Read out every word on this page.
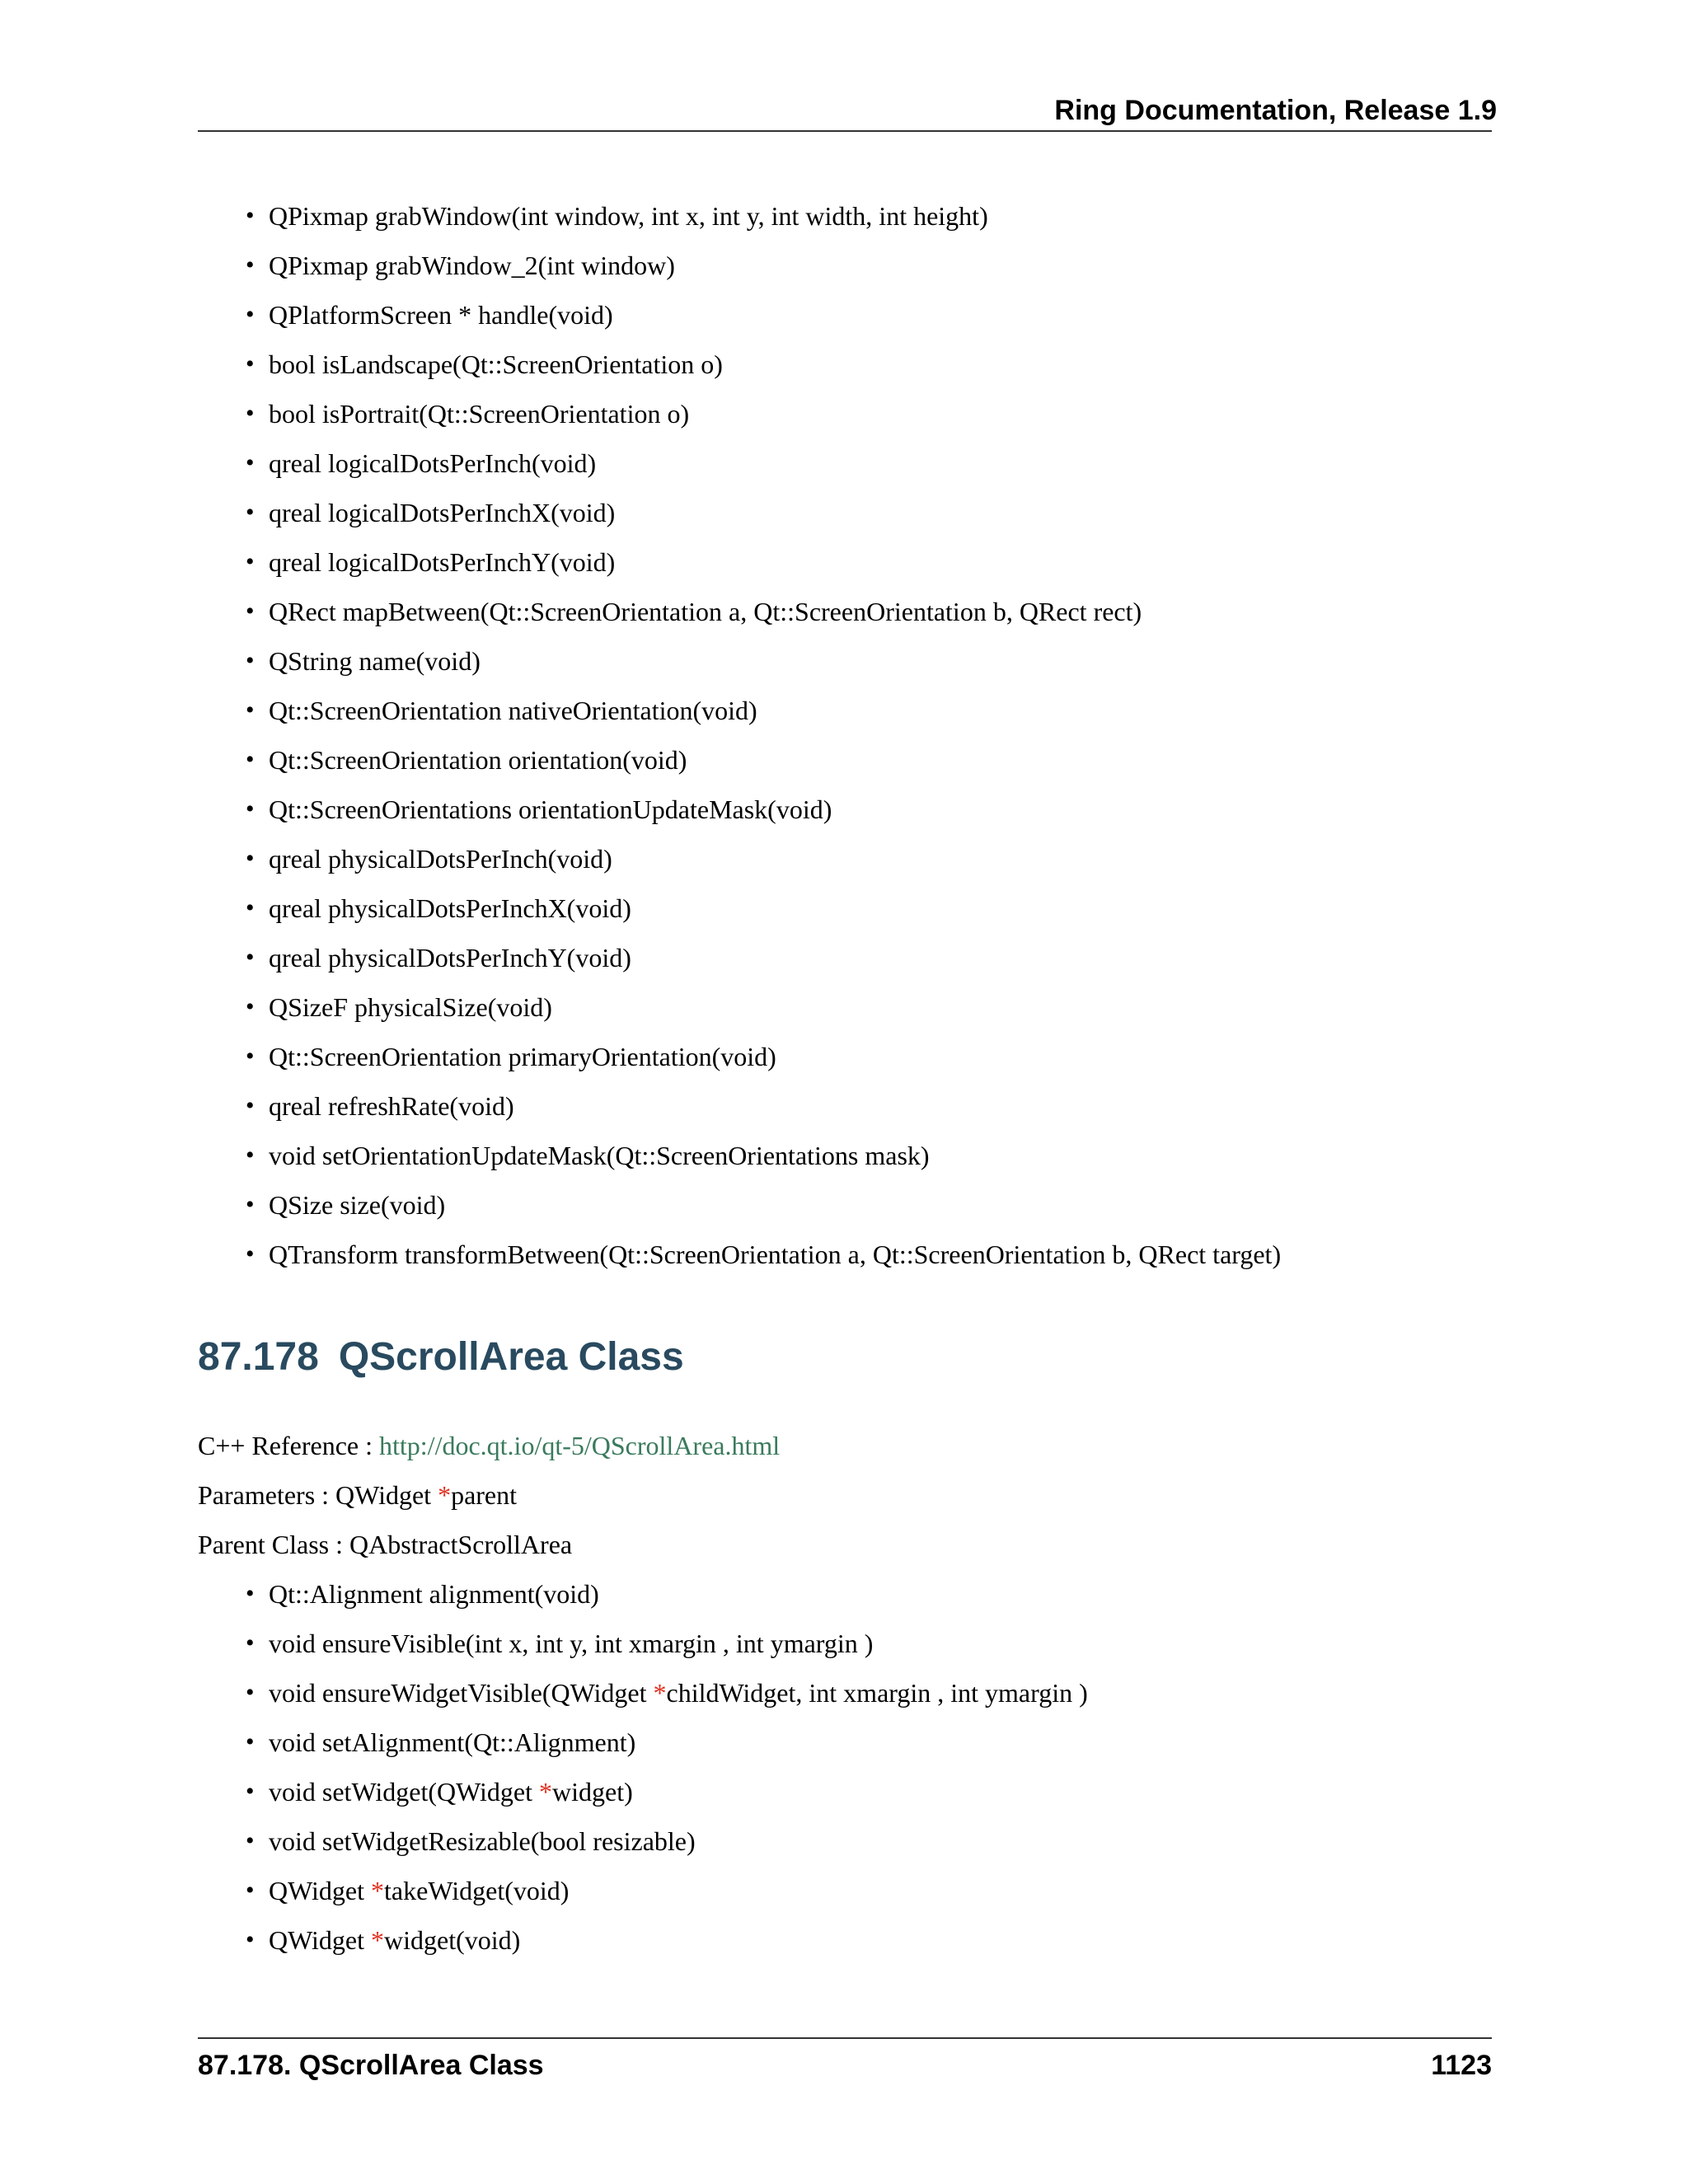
Ring Documentation, Release 1.9
• QPixmap grabWindow(int window, int x, int y, int width, int height)
• QPixmap grabWindow_2(int window)
• QPlatformScreen * handle(void)
• bool isLandscape(Qt::ScreenOrientation o)
• bool isPortrait(Qt::ScreenOrientation o)
• qreal logicalDotsPerInch(void)
• qreal logicalDotsPerInchX(void)
• qreal logicalDotsPerInchY(void)
• QRect mapBetween(Qt::ScreenOrientation a, Qt::ScreenOrientation b, QRect rect)
• QString name(void)
• Qt::ScreenOrientation nativeOrientation(void)
• Qt::ScreenOrientation orientation(void)
• Qt::ScreenOrientations orientationUpdateMask(void)
• qreal physicalDotsPerInch(void)
• qreal physicalDotsPerInchX(void)
• qreal physicalDotsPerInchY(void)
• QSizeF physicalSize(void)
• Qt::ScreenOrientation primaryOrientation(void)
• qreal refreshRate(void)
• void setOrientationUpdateMask(Qt::ScreenOrientations mask)
• QSize size(void)
• QTransform transformBetween(Qt::ScreenOrientation a, Qt::ScreenOrientation b, QRect target)
87.178 QScrollArea Class
C++ Reference : http://doc.qt.io/qt-5/QScrollArea.html
Parameters : QWidget *parent
Parent Class : QAbstractScrollArea
• Qt::Alignment alignment(void)
• void ensureVisible(int x, int y, int xmargin , int ymargin )
• void ensureWidgetVisible(QWidget *childWidget, int xmargin , int ymargin )
• void setAlignment(Qt::Alignment)
• void setWidget(QWidget *widget)
• void setWidgetResizable(bool resizable)
• QWidget *takeWidget(void)
• QWidget *widget(void)
87.178. QScrollArea Class	1123
